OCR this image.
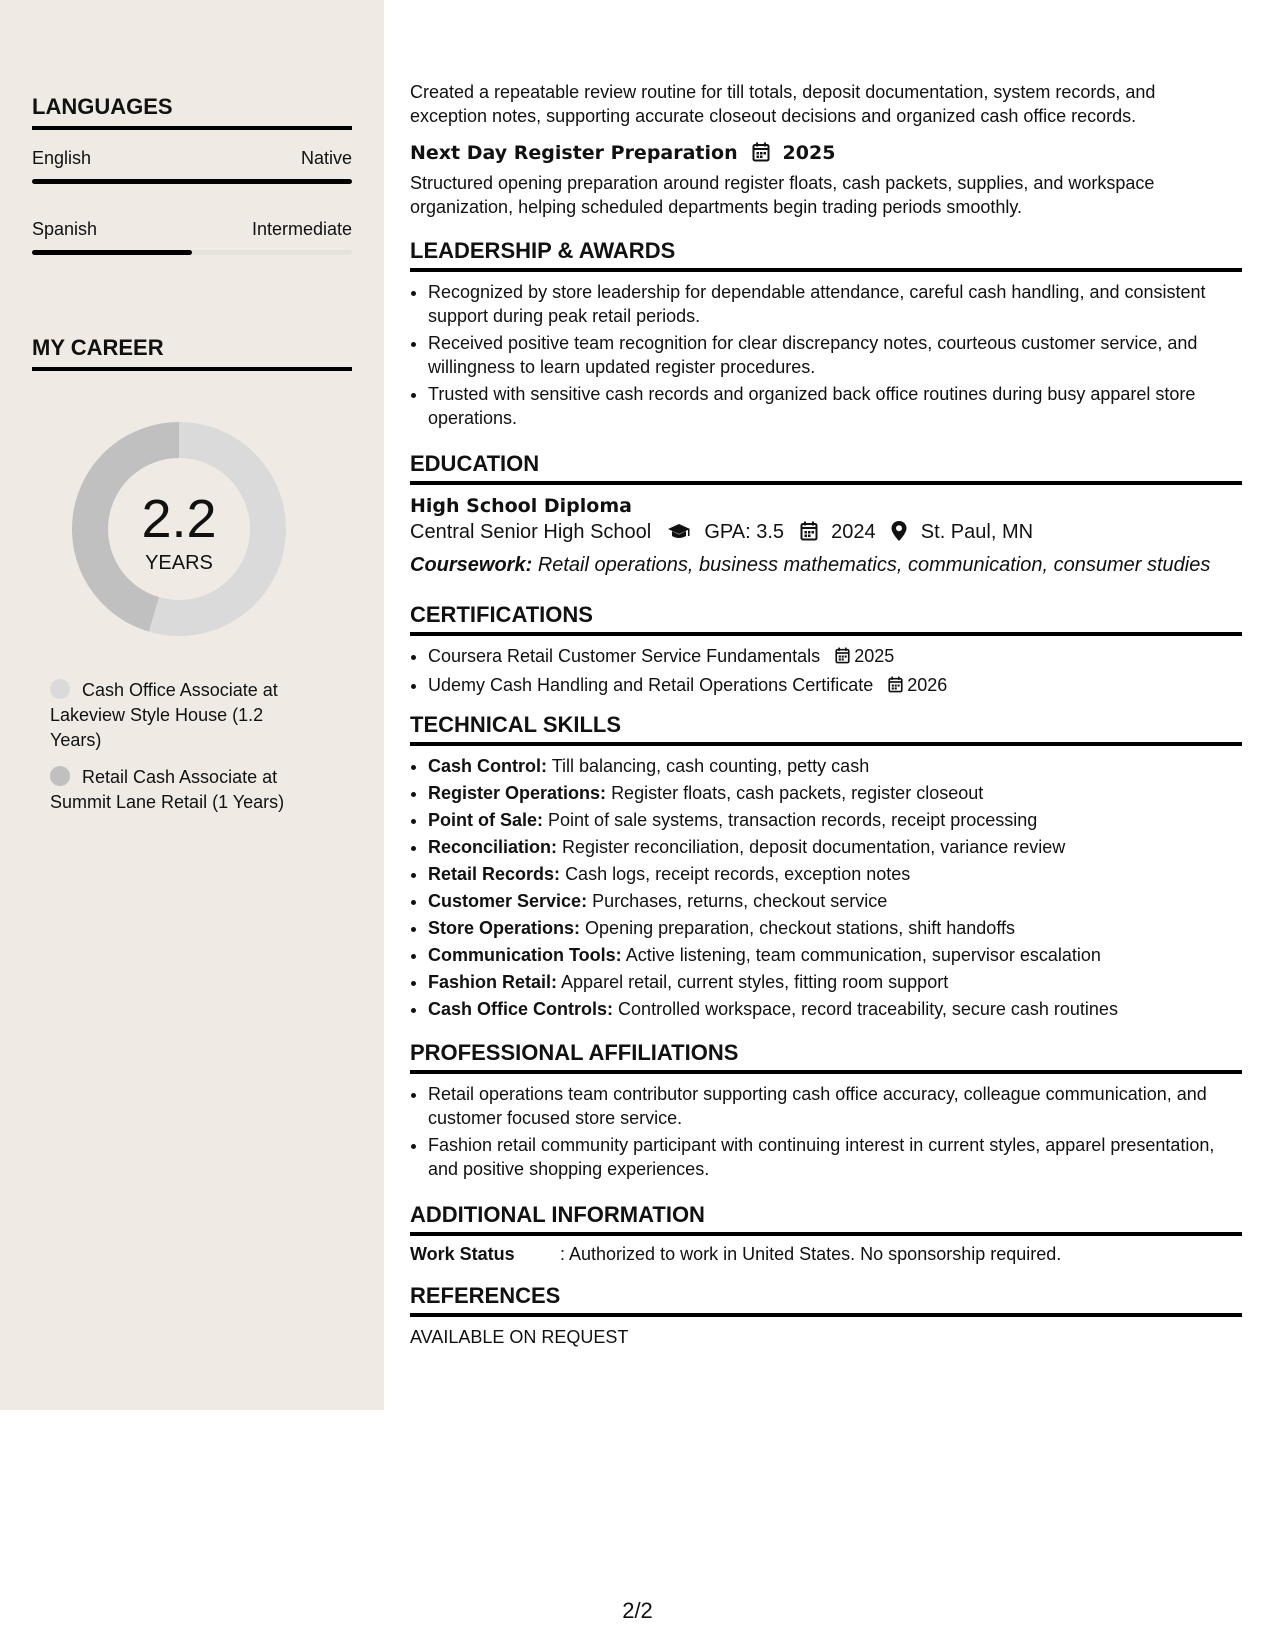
LANGUAGES
English	Native
Spanish	Intermediate
MY CAREER
2.2
YEARS
Cash Office Associate at Lakeview Style House (1.2 Years)
Retail Cash Associate at Summit Lane Retail (1 Years)

Created a repeatable review routine for till totals, deposit documentation, system records, and exception notes, supporting accurate closeout decisions and organized cash office records.

Next Day Register Preparation 2025

Structured opening preparation around register floats, cash packets, supplies, and workspace organization, helping scheduled departments begin trading periods smoothly.

LEADERSHIP & AWARDS
• Recognized by store leadership for dependable attendance, careful cash handling, and consistent support during peak retail periods.
• Received positive team recognition for clear discrepancy notes, courteous customer service, and willingness to learn updated register procedures.
• Trusted with sensitive cash records and organized back office routines during busy apparel store operations.
EDUCATION
High School Diploma
Central Senior High School	GPA: 3.5 2024 St. Paul, MN
Coursework: Retail operations, business mathematics, communication, consumer studies
CERTIFICATIONS
• Coursera Retail Customer Service Fundamentals 2025
• Udemy Cash Handling and Retail Operations Certificate 2026
TECHNICAL SKILLS
• Cash Control: Till balancing, cash counting, petty cash
• Register Operations: Register floats, cash packets, register closeout
• Point of Sale: Point of sale systems, transaction records, receipt processing
• Reconciliation: Register reconciliation, deposit documentation, variance review
• Retail Records: Cash logs, receipt records, exception notes
• Customer Service: Purchases, returns, checkout service
• Store Operations: Opening preparation, checkout stations, shift handoffs
• Communication Tools: Active listening, team communication, supervisor escalation
• Fashion Retail: Apparel retail, current styles, fitting room support
• Cash Office Controls: Controlled workspace, record traceability, secure cash routines
PROFESSIONAL AFFILIATIONS
• Retail operations team contributor supporting cash office accuracy, colleague communication, and customer focused store service.
• Fashion retail community participant with continuing interest in current styles, apparel presentation, and positive shopping experiences.
ADDITIONAL INFORMATION
Work Status	: Authorized to work in United States. No sponsorship required.
REFERENCES
AVAILABLE ON REQUEST
2/2
